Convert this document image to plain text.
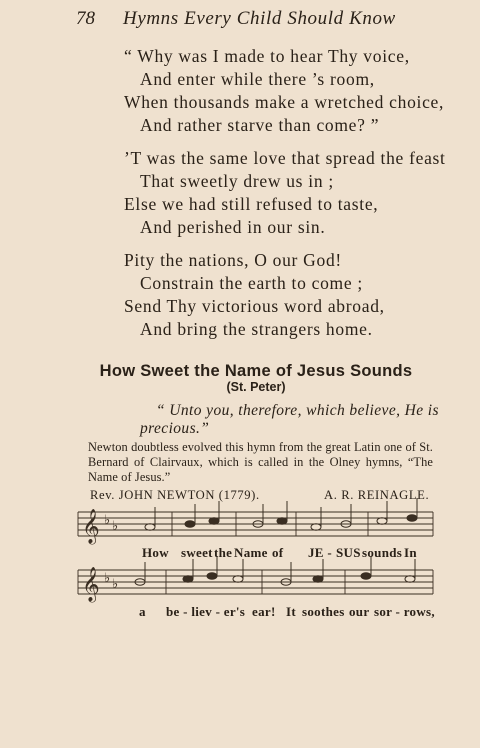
78 Hymns Every Child Should Know
“ Why was I made to hear Thy voice,
And enter while there ’s room,
When thousands make a wretched choice,
And rather starve than come? ”
’T was the same love that spread the feast
That sweetly drew us in ;
Else we had still refused to taste,
And perished in our sin.
Pity the nations, O our God!
Constrain the earth to come ;
Send Thy victorious word abroad,
And bring the strangers home.
How Sweet the Name of Jesus Sounds
(St. Peter)
“ Unto you, therefore, which believe, He is
precious.”
Newton doubtless evolved this hymn from the great Latin one of St. Bernard of Clairvaux, which is called in the Olney hymns, “The Name of Jesus.”
Rev. JOHN NEWTON (1779).	A. R. REINAGLE.
𝄞 ♭ ♭
𝄞 ♭ ♭
How sweet the Name of JE - SUS sounds In
a be - liev - er's ear! It soothes our sor - rows,
